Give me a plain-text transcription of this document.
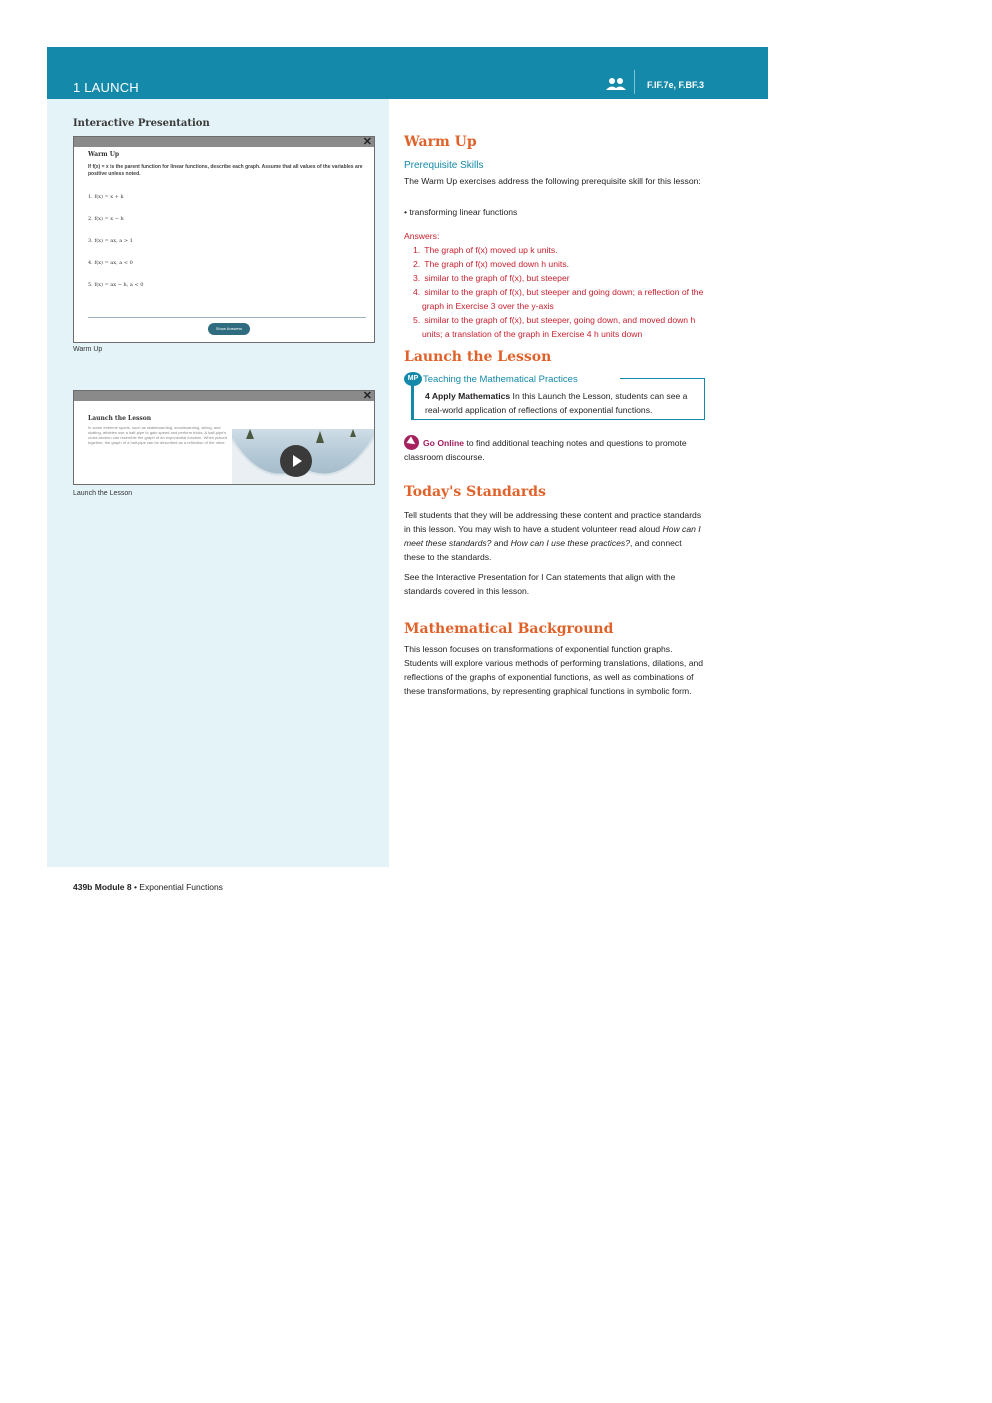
1 LAUNCH	F.IF.7e, F.BF.3
Interactive Presentation
✕
Warm Up
If f(x) = x is the parent function for linear functions, describe each graph. Assume that all values of the variables are positive unless noted.
1. f(x) = x + k
2. f(x) = x − h
3. f(x) = ax, a > 1
4. f(x) = ax, a < 0
5. f(x) = ax − h, a < 0
Show Answers
Warm Up
✕
Launch the Lesson
In some extreme sports, such as skateboarding, snowboarding, skiing, and skating, athletes use a half-pipe to gain speed and perform tricks. A half-pipe's cross-section can resemble the graph of an exponential function. When placed together, the graph of a half-pipe can be described as a reflection of the other.
Launch the Lesson
Warm Up
Prerequisite Skills
The Warm Up exercises address the following prerequisite skill for this lesson:
• transforming linear functions
Answers:
1. The graph of f(x) moved up k units.
2. The graph of f(x) moved down h units.
3. similar to the graph of f(x), but steeper
4. similar to the graph of f(x), but steeper and going down; a reflection of the graph in Exercise 3 over the y-axis
5. similar to the graph of f(x), but steeper, going down, and moved down h units; a translation of the graph in Exercise 4 h units down
Launch the Lesson
MP Teaching the Mathematical Practices
4 Apply Mathematics In this Launch the Lesson, students can see a real-world application of reflections of exponential functions.
Go Online to find additional teaching notes and questions to promote classroom discourse.
Today's Standards
Tell students that they will be addressing these content and practice standards in this lesson. You may wish to have a student volunteer read aloud How can I meet these standards? and How can I use these practices?, and connect these to the standards.
See the Interactive Presentation for I Can statements that align with the standards covered in this lesson.
Mathematical Background
This lesson focuses on transformations of exponential function graphs. Students will explore various methods of performing translations, dilations, and reflections of the graphs of exponential functions, as well as combinations of these transformations, by representing graphical functions in symbolic form.
439b Module 8 • Exponential Functions
